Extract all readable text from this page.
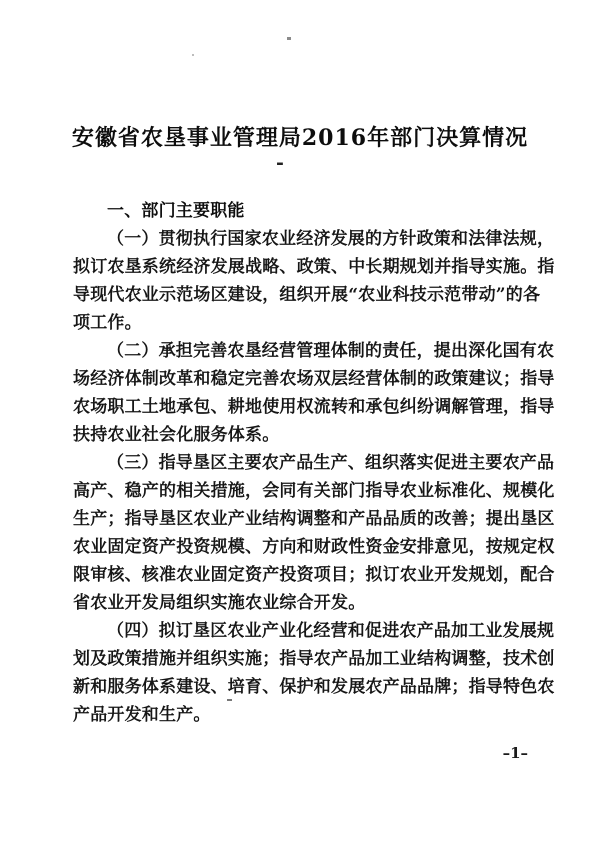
安徽省农垦事业管理局2016年部门决算情况
-
一、部门主要职能
（一）贯彻执行国家农业经济发展的方针政策和法律法规，
拟订农垦系统经济发展战略、政策、中长期规划并指导实施。指
导现代农业示范场区建设，组织开展“农业科技示范带动”的各
项工作。
（二）承担完善农垦经营管理体制的责任，提出深化国有农
场经济体制改革和稳定完善农场双层经营体制的政策建议；指导
农场职工土地承包、耕地使用权流转和承包纠纷调解管理，指导
扶持农业社会化服务体系。
（三）指导垦区主要农产品生产、组织落实促进主要农产品
高产、稳产的相关措施，会同有关部门指导农业标准化、规模化
生产；指导垦区农业产业结构调整和产品品质的改善；提出垦区
农业固定资产投资规模、方向和财政性资金安排意见，按规定权
限审核、核准农业固定资产投资项目；拟订农业开发规划，配合
省农业开发局组织实施农业综合开发。
（四）拟订垦区农业产业化经营和促进农产品加工业发展规
划及政策措施并组织实施；指导农产品加工业结构调整，技术创
新和服务体系建设、培育、保护和发展农产品品牌；指导特色农
产品开发和生产。
–1–
